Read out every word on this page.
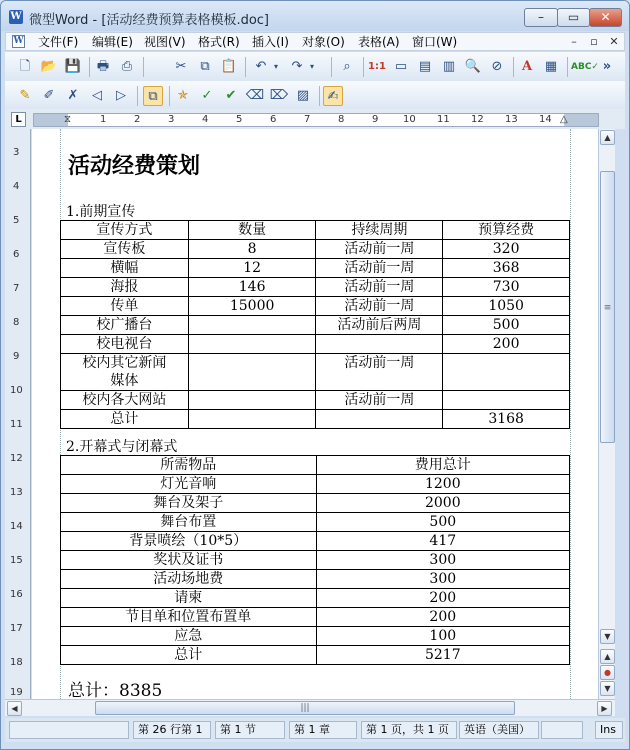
W 微型Word - [活动经费预算表格模板.doc]	–	▭	✕
W 文件(F) 编辑(E) 视图(V) 格式(R) 插入(I) 对象(O) 表格(A) 窗口(W)	–	▫	✕
🗋 📂 💾 🖶 ⎙	✂	⧉ 📋	↶ ▾	↷ ▾	⌕	1:1 ▭ ▤ ▥ 🔍 ⊘	A ▦	ABC✓ »
✎	✐	✗	◁	▷	⧉	✯	✓	✔ ⌫ ⌦ ▨	✍
L	⧖	1	2	3	4	5	6	7	8	9 10 11 12 13 14 △
3
4
5
6
7
8
9
10
11
12
13
14
15
16
17
18
19
活动经费策划
1.前期宣传
宣传方式	数量	持续周期	预算经费
宣传板	8	活动前一周	320
横幅	12	活动前一周	368
海报	146	活动前一周	730
传单	15000	活动前一周	1050
校广播台		活动前后两周	500
校电视台			200

校内其它新闻
媒体		活动前一周	
校内各大网站		活动前一周	
总计			3168
2.开幕式与闭幕式
所需物品	费用总计
灯光音响	1200
舞台及架子	2000
舞台布置	500
背景喷绘（10*5）	417
奖状及证书	300
活动场地费	300
请柬	200
节目单和位置布置单	200
应急	100
总计	5217
总计：8385
▲
≡
▼
▲
●
▼
◀	|||	▶
第 26 行第 1	第 1 节	第 1 章	第 1 页，共 1 页	英语（美国）	Ins
